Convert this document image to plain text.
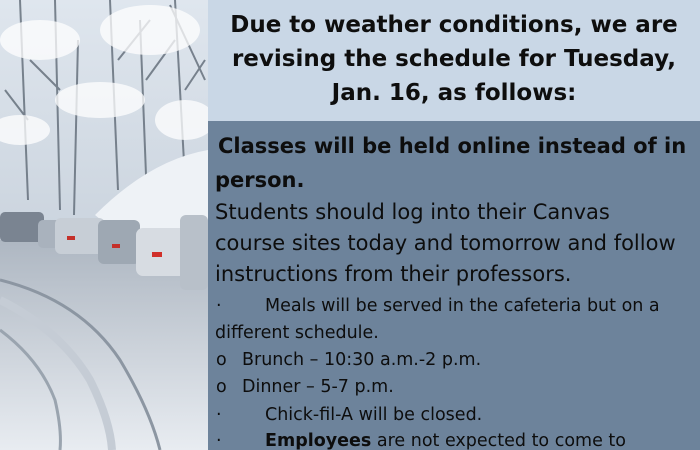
Due to weather conditions, we are
revising the schedule for Tuesday,
Jan. 16, as follows:
Classes will be held online instead of in
person.
Students should log into their Canvas
course sites today and tomorrow and follow
instructions from their professors.
· Meals will be served in the cafeteria but on a
different schedule.
o Brunch – 10:30 a.m.-2 p.m.
o Dinner – 5-7 p.m.
· Chick-fil-A will be closed.
· Employees are not expected to come to
